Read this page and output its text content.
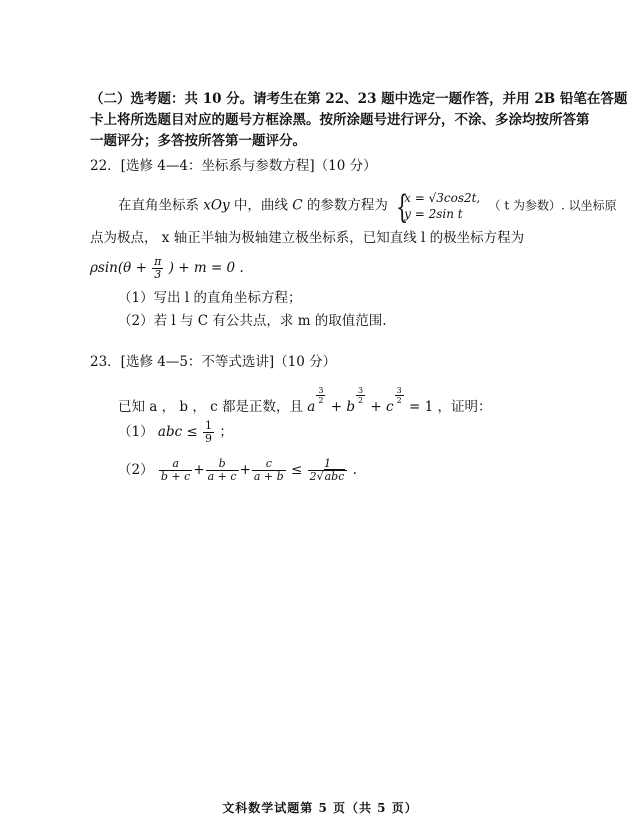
（二）选考题：共 10 分。请考生在第 22、23 题中选定一题作答，并用 2B 铅笔在答题
卡上将所选题目对应的题号方框涂黑。按所涂题号进行评分，不涂、多涂均按所答第
一题评分；多答按所答第一题评分。
22．[选修 4—4：坐标系与参数方程]（10 分）
在直角坐标系 xOy 中，曲线 C 的参数方程为 {
x = √3cos2t,
y = 2sin t
（ t 为参数）. 以坐标原
点为极点， x 轴正半轴为极轴建立极坐标系，已知直线 l 的极坐标方程为
$\rho\sin(\theta + \frac{\pi}{3}$ ) + m = 0 .
（1）写出 l 的直角坐标方程；
（2）若 l 与 C 有公共点，求 m 的取值范围.
23．[选修 4—5：不等式选讲]（10 分）
已知 a ， b ， c 都是正数，且 a
$\frac{3}{2}$
+ b
$\frac{3}{2}$
+ c
$\frac{3}{2}$
= 1 ，证明：
（1） abc ≤ $\frac{1}{9}$ ；
$(2) \frac{a}{b + c} + \frac{b}{a + c} + \frac{c}{a + b} \le \frac{1}{\text{2√abc}}$ .
文科数学试题第 5 页（共 5 页）
